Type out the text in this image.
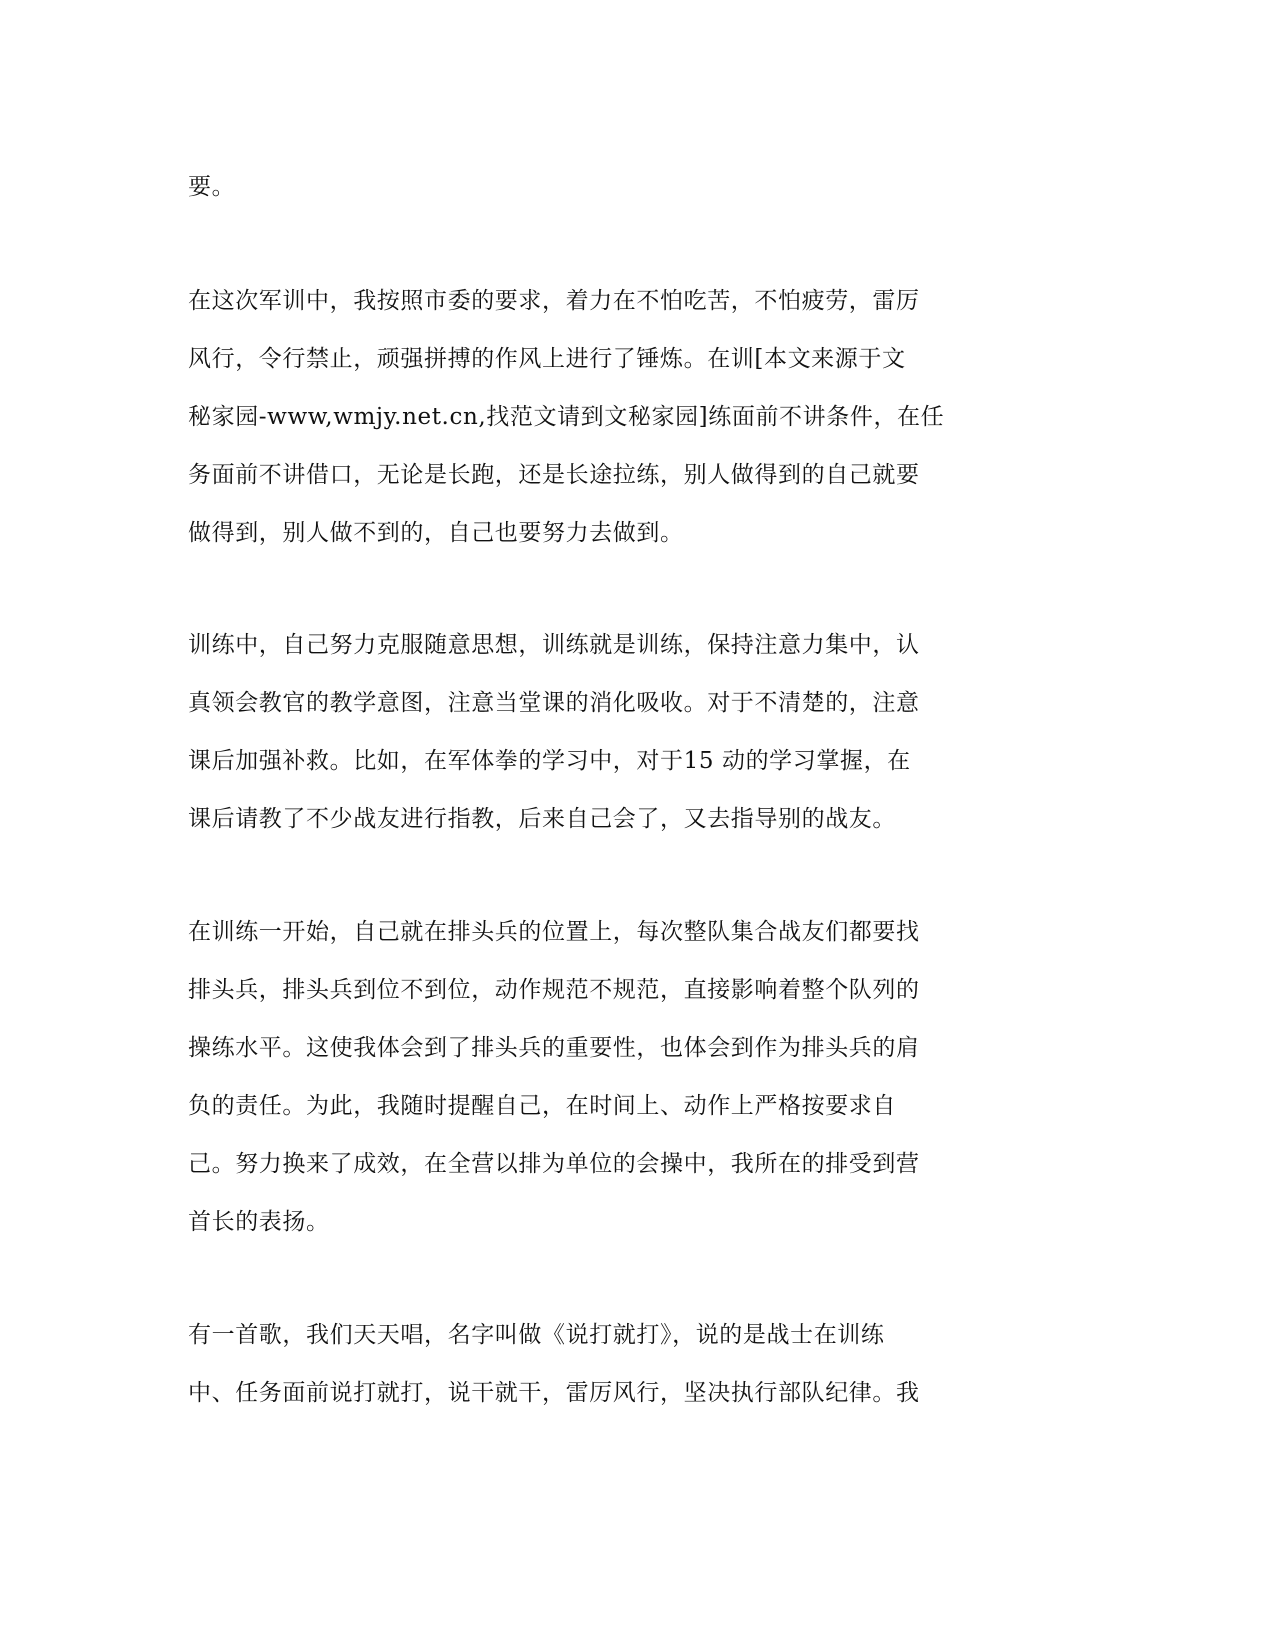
要。
在这次军训中，我按照市委的要求，着力在不怕吃苦，不怕疲劳，雷厉
风行，令行禁止，顽强拼搏的作风上进行了锤炼。在训[本文来源于文
秘家园-www,wmjy.net.cn,找范文请到文秘家园]练面前不讲条件，在任
务面前不讲借口，无论是长跑，还是长途拉练，别人做得到的自己就要
做得到，别人做不到的，自己也要努力去做到。
训练中，自己努力克服随意思想，训练就是训练，保持注意力集中，认
真领会教官的教学意图，注意当堂课的消化吸收。对于不清楚的，注意
课后加强补救。比如，在军体拳的学习中，对于15 动的学习掌握，在
课后请教了不少战友进行指教，后来自己会了，又去指导别的战友。
在训练一开始，自己就在排头兵的位置上，每次整队集合战友们都要找
排头兵，排头兵到位不到位，动作规范不规范，直接影响着整个队列的
操练水平。这使我体会到了排头兵的重要性，也体会到作为排头兵的肩
负的责任。为此，我随时提醒自己，在时间上、动作上严格按要求自
己。努力换来了成效，在全营以排为单位的会操中，我所在的排受到营
首长的表扬。
有一首歌，我们天天唱，名字叫做《说打就打》，说的是战士在训练
中、任务面前说打就打，说干就干，雷厉风行，坚决执行部队纪律。我
